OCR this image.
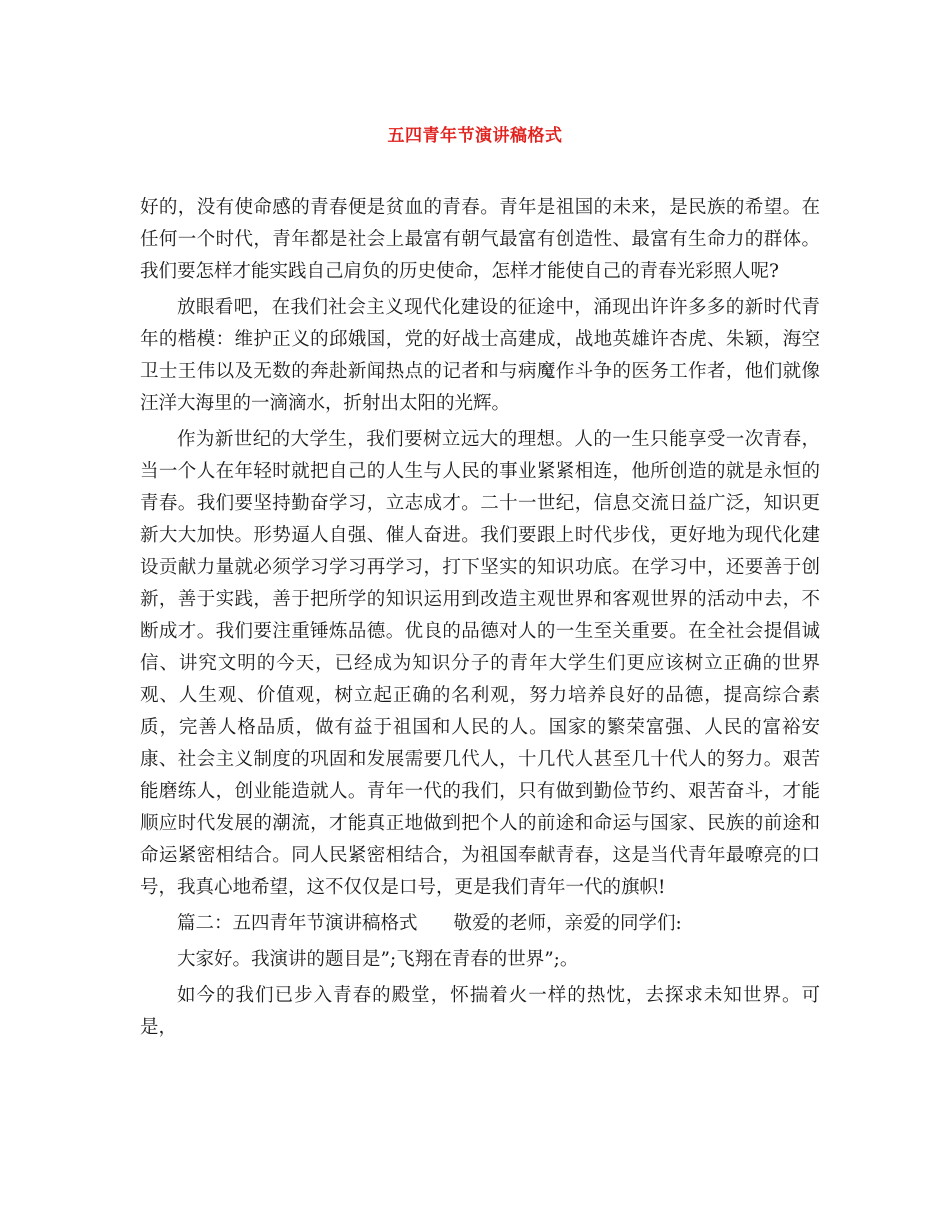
五四青年节演讲稿格式

好的，没有使命感的青春便是贫血的青春。青年是祖国的未来，是民族的希望。在任何一个时代，青年都是社会上最富有朝气最富有创造性、最富有生命力的群体。我们要怎样才能实践自己肩负的历史使命，怎样才能使自己的青春光彩照人呢?

放眼看吧，在我们社会主义现代化建设的征途中，涌现出许许多多的新时代青年的楷模：维护正义的邱娥国，党的好战士高建成，战地英雄许杏虎、朱颖，海空卫士王伟以及无数的奔赴新闻热点的记者和与病魔作斗争的医务工作者，他们就像汪洋大海里的一滴滴水，折射出太阳的光辉。

作为新世纪的大学生，我们要树立远大的理想。人的一生只能享受一次青春，当一个人在年轻时就把自己的人生与人民的事业紧紧相连，他所创造的就是永恒的青春。我们要坚持勤奋学习，立志成才。二十一世纪，信息交流日益广泛，知识更新大大加快。形势逼人自强、催人奋进。我们要跟上时代步伐，更好地为现代化建设贡献力量就必须学习学习再学习，打下坚实的知识功底。在学习中，还要善于创新，善于实践，善于把所学的知识运用到改造主观世界和客观世界的活动中去，不断成才。我们要注重锤炼品德。优良的品德对人的一生至关重要。在全社会提倡诚信、讲究文明的今天，已经成为知识分子的青年大学生们更应该树立正确的世界观、人生观、价值观，树立起正确的名利观，努力培养良好的品德，提高综合素质，完善人格品质，做有益于祖国和人民的人。国家的繁荣富强、人民的富裕安康、社会主义制度的巩固和发展需要几代人，十几代人甚至几十代人的努力。艰苦能磨练人，创业能造就人。青年一代的我们，只有做到勤俭节约、艰苦奋斗，才能顺应时代发展的潮流，才能真正地做到把个人的前途和命运与国家、民族的前途和命运紧密相结合。同人民紧密相结合，为祖国奉献青春，这是当代青年最嘹亮的口号，我真心地希望，这不仅仅是口号，更是我们青年一代的旗帜!

篇二：五四青年节演讲稿格式 敬爱的老师，亲爱的同学们:

大家好。我演讲的题目是”;飞翔在青春的世界”;。

如今的我们已步入青春的殿堂，怀揣着火一样的热忱，去探求未知世界。可是，
